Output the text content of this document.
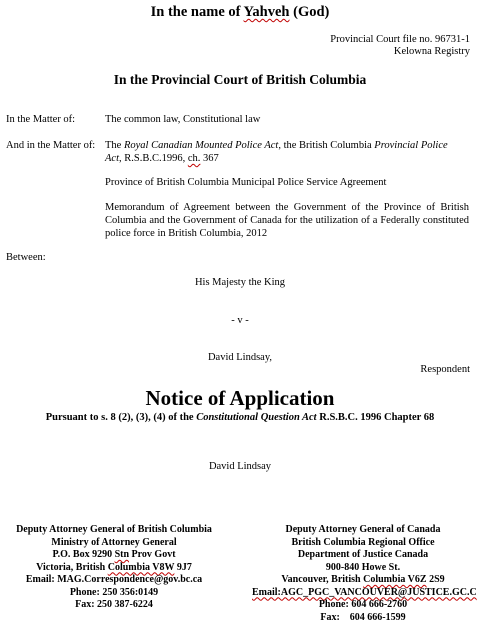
In the name of Yahveh (God)
Provincial Court file no. 96731-1
Kelowna Registry
In the Provincial Court of British Columbia
In the Matter of:	The common law, Constitutional law
And in the Matter of: The Royal Canadian Mounted Police Act, the British Columbia Provincial Police
Act, R.S.B.C.1996, ch. 367
Province of British Columbia Municipal Police Service Agreement
Memorandum of Agreement between the Government of the Province of British Columbia and the Government of Canada for the utilization of a Federally constituted police force in British Columbia, 2012
Between:
His Majesty the King
- v -
David Lindsay,
Respondent
Notice of Application
Pursuant to s. 8 (2), (3), (4) of the Constitutional Question Act R.S.B.C. 1996 Chapter 68
David Lindsay
Deputy Attorney General of British Columbia
Ministry of Attorney General
P.O. Box 9290 Stn Prov Govt
Victoria, British Columbia V8W 9J7
Email: MAG.Correspondence@gov.bc.ca
Phone: 250 356:0149
Fax: 250 387-6224
Deputy Attorney General of Canada
British Columbia Regional Office
Department of Justice Canada
900-840 Howe St.
Vancouver, British Columbia V6Z 2S9
Email:AGC_PGC_VANCOUVER@JUSTICE.GC.C
Phone: 604 666-2760
Fax:    604 666-1599
